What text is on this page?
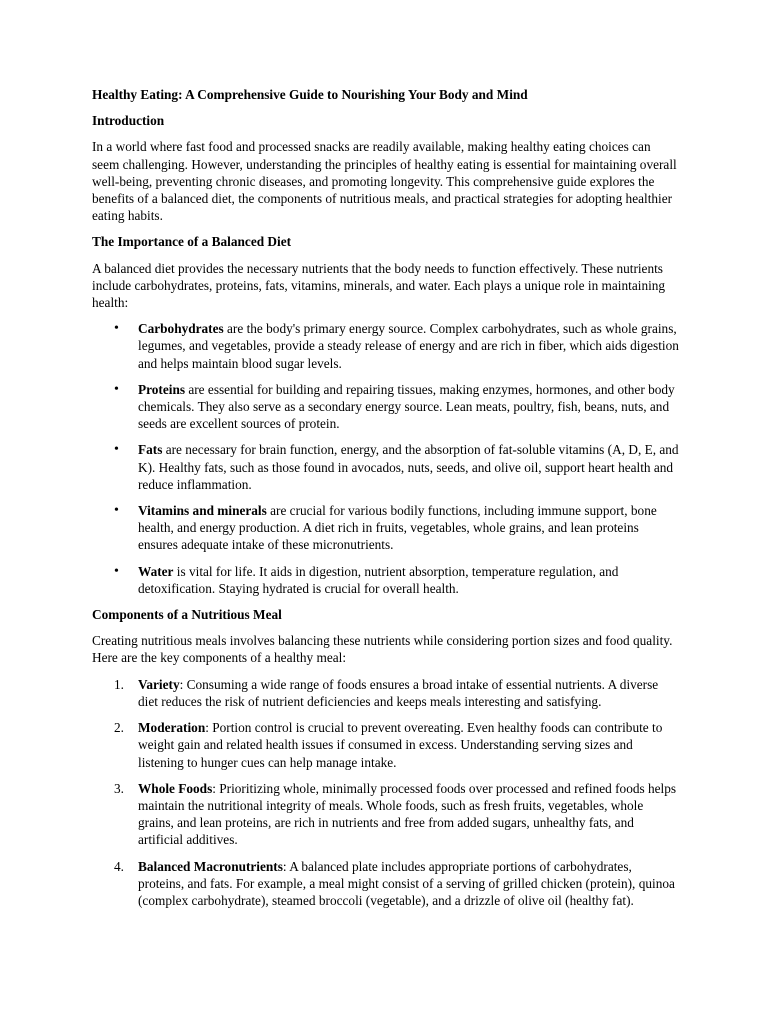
Healthy Eating: A Comprehensive Guide to Nourishing Your Body and Mind
Introduction

In a world where fast food and processed snacks are readily available, making healthy eating choices can seem challenging. However, understanding the principles of healthy eating is essential for maintaining overall well-being, preventing chronic diseases, and promoting longevity. This comprehensive guide explores the benefits of a balanced diet, the components of nutritious meals, and practical strategies for adopting healthier eating habits.

The Importance of a Balanced Diet

A balanced diet provides the necessary nutrients that the body needs to function effectively. These nutrients include carbohydrates, proteins, fats, vitamins, minerals, and water. Each plays a unique role in maintaining health:

• Carbohydrates are the body's primary energy source. Complex carbohydrates, such as whole grains, legumes, and vegetables, provide a steady release of energy and are rich in fiber, which aids digestion and helps maintain blood sugar levels.
• Proteins are essential for building and repairing tissues, making enzymes, hormones, and other body chemicals. They also serve as a secondary energy source. Lean meats, poultry, fish, beans, nuts, and seeds are excellent sources of protein.
• Fats are necessary for brain function, energy, and the absorption of fat-soluble vitamins (A, D, E, and K). Healthy fats, such as those found in avocados, nuts, seeds, and olive oil, support heart health and reduce inflammation.
• Vitamins and minerals are crucial for various bodily functions, including immune support, bone health, and energy production. A diet rich in fruits, vegetables, whole grains, and lean proteins ensures adequate intake of these micronutrients.
• Water is vital for life. It aids in digestion, nutrient absorption, temperature regulation, and detoxification. Staying hydrated is crucial for overall health.
Components of a Nutritious Meal

Creating nutritious meals involves balancing these nutrients while considering portion sizes and food quality. Here are the key components of a healthy meal:

1. Variety: Consuming a wide range of foods ensures a broad intake of essential nutrients. A diverse diet reduces the risk of nutrient deficiencies and keeps meals interesting and satisfying.
2. Moderation: Portion control is crucial to prevent overeating. Even healthy foods can contribute to weight gain and related health issues if consumed in excess. Understanding serving sizes and listening to hunger cues can help manage intake.
3. Whole Foods: Prioritizing whole, minimally processed foods over processed and refined foods helps maintain the nutritional integrity of meals. Whole foods, such as fresh fruits, vegetables, whole grains, and lean proteins, are rich in nutrients and free from added sugars, unhealthy fats, and artificial additives.
4. Balanced Macronutrients: A balanced plate includes appropriate portions of carbohydrates, proteins, and fats. For example, a meal might consist of a serving of grilled chicken (protein), quinoa (complex carbohydrate), steamed broccoli (vegetable), and a drizzle of olive oil (healthy fat).
